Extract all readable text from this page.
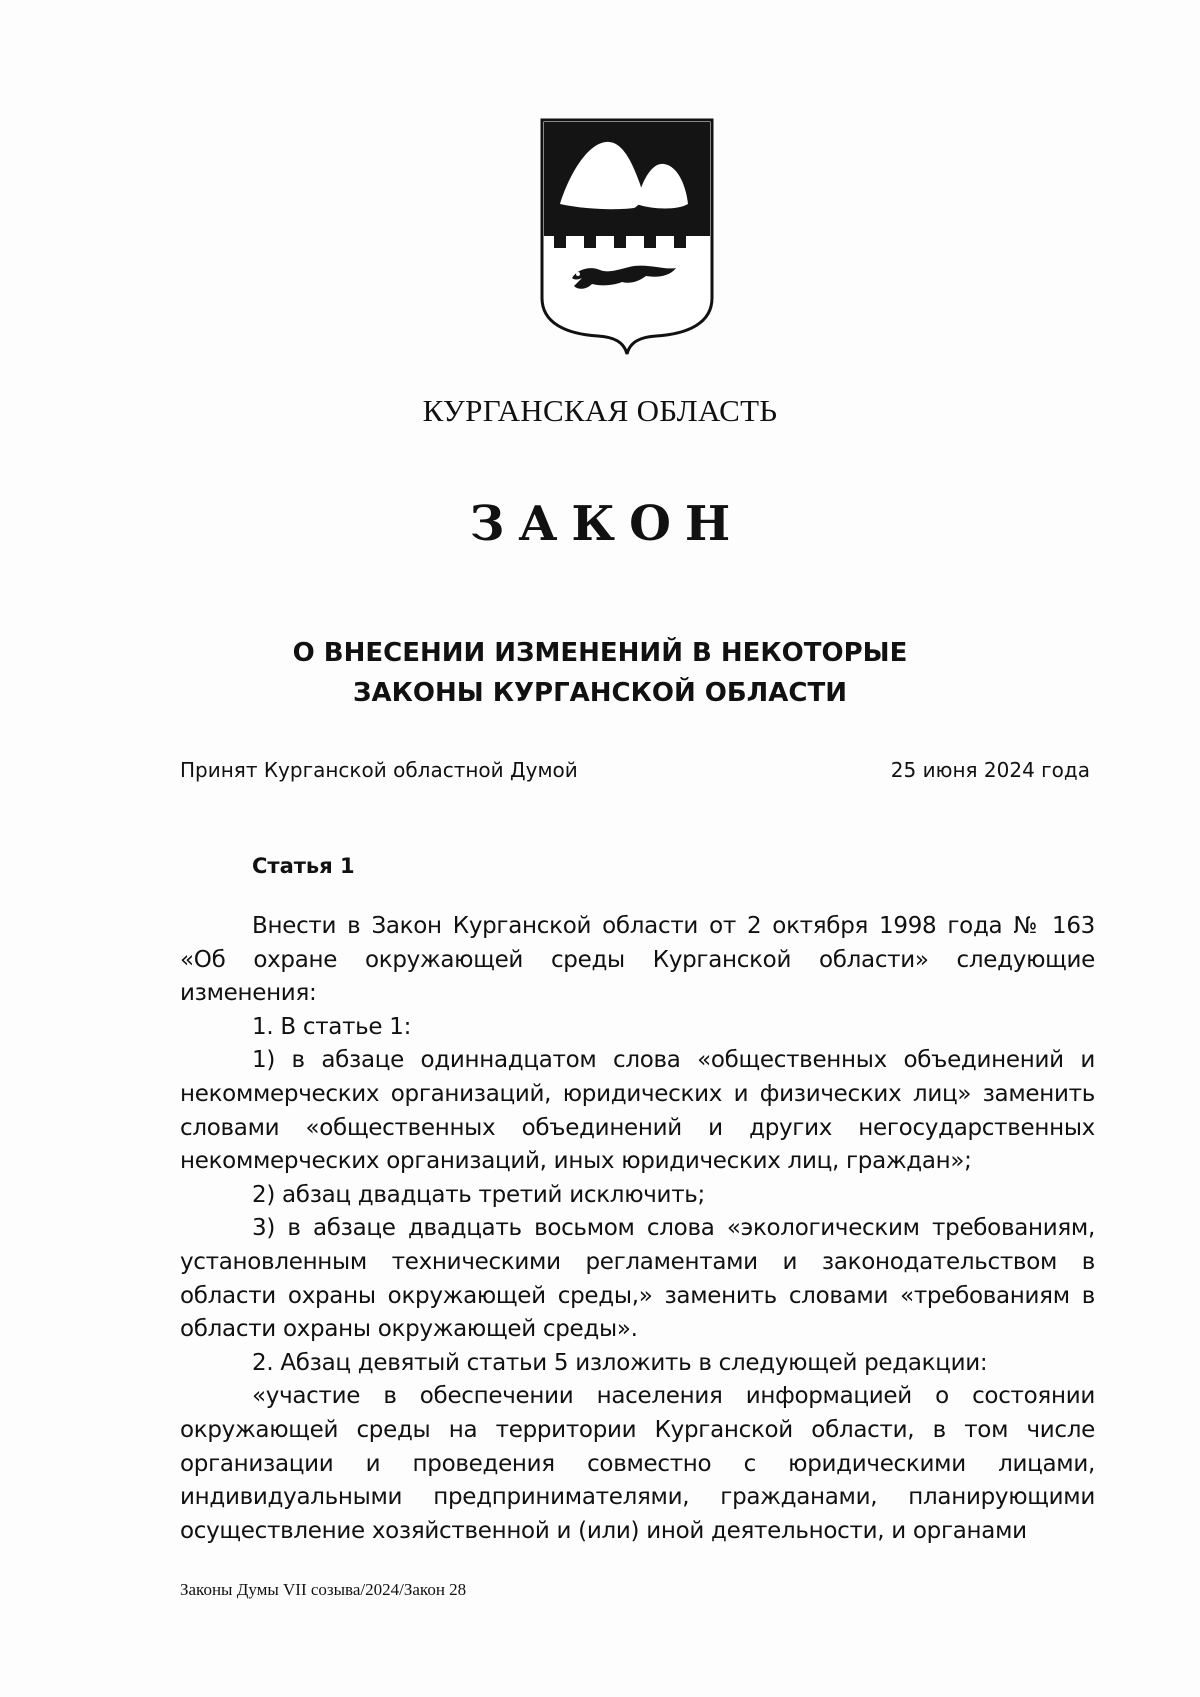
КУРГАНСКАЯ ОБЛАСТЬ
ЗАКОН
О ВНЕСЕНИИ ИЗМЕНЕНИЙ В НЕКОТОРЫЕ
ЗАКОНЫ КУРГАНСКОЙ ОБЛАСТИ
Принят Курганской областной Думой	25 июня 2024 года
Статья 1

Внести в Закон Курганской области от 2 октября 1998 года № 163 «Об охране окружающей среды Курганской области» следующие изменения:

1. В статье 1:

1) в абзаце одиннадцатом слова «общественных объединений и некоммерческих организаций, юридических и физических лиц» заменить словами «общественных объединений и других негосударственных некоммерческих организаций, иных юридических лиц, граждан»;

2) абзац двадцать третий исключить;

3) в абзаце двадцать восьмом слова «экологическим требованиям, установленным техническими регламентами и законодательством в области охраны окружающей среды,» заменить словами «требованиям в области охраны окружающей среды».

2. Абзац девятый статьи 5 изложить в следующей редакции:

«участие в обеспечении населения информацией о состоянии окружающей среды на территории Курганской области, в том числе организации и проведения совместно с юридическими лицами, индивидуальными предпринимателями, гражданами, планирующими осуществление хозяйственной и (или) иной деятельности, и органами

Законы Думы VII созыва/2024/Закон 28
